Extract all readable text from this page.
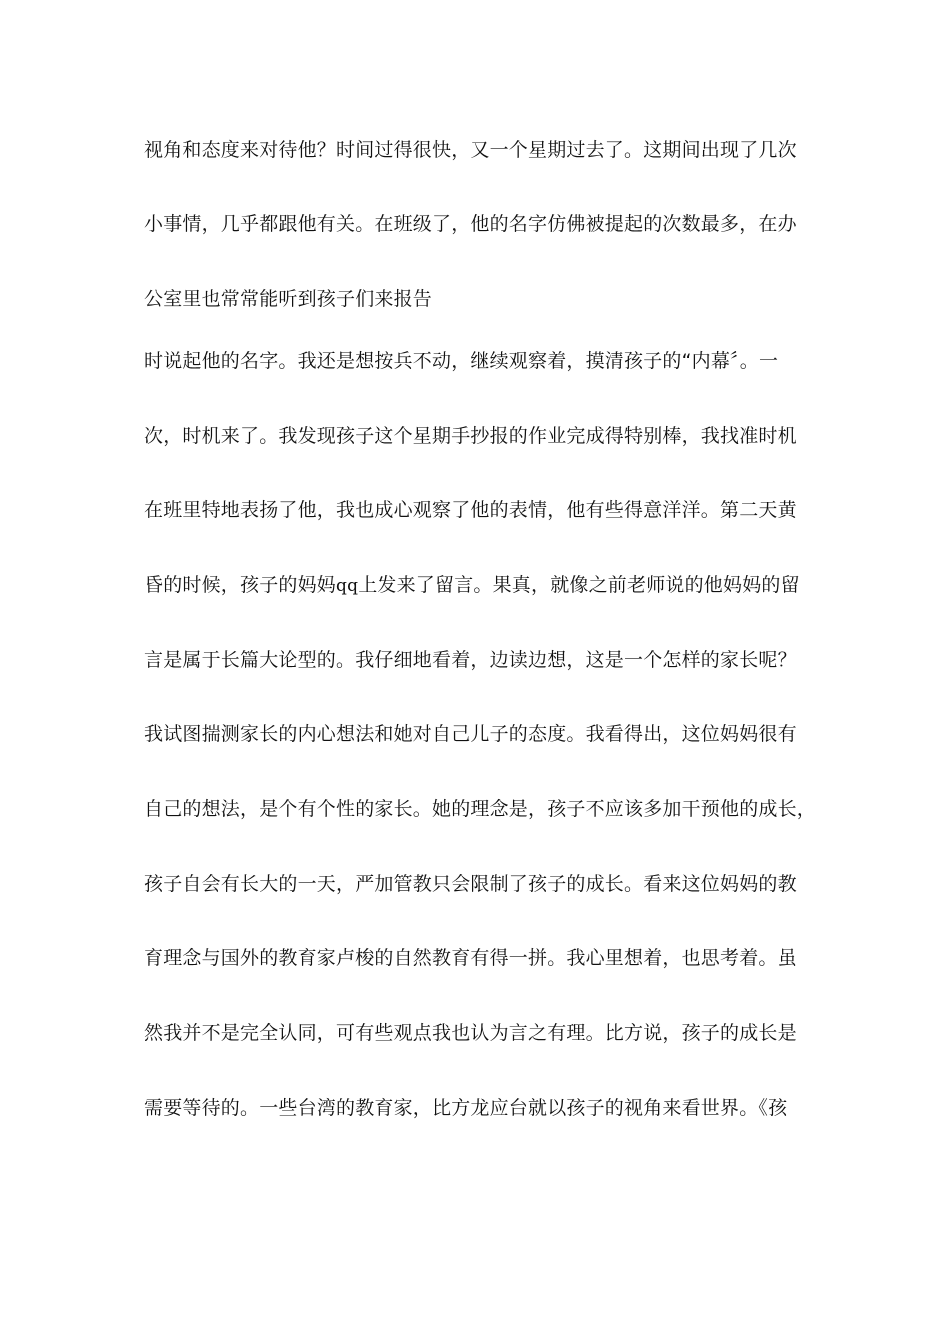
视角和态度来对待他？时间过得很快，又一个星期过去了。这期间出现了几次
小事情，几乎都跟他有关。在班级了，他的名字仿佛被提起的次数最多，在办
公室里也常常能听到孩子们来报告
时说起他的名字。我还是想按兵不动，继续观察着，摸清孩子的“内幕〞。一
次，时机来了。我发现孩子这个星期手抄报的作业完成得特别棒，我找准时机
在班里特地表扬了他，我也成心观察了他的表情，他有些得意洋洋。第二天黄
昏的时候，孩子的妈妈qq上发来了留言。果真，就像之前老师说的他妈妈的留
言是属于长篇大论型的。我仔细地看着，边读边想，这是一个怎样的家长呢？
我试图揣测家长的内心想法和她对自己儿子的态度。我看得出，这位妈妈很有
自己的想法，是个有个性的家长。她的理念是，孩子不应该多加干预他的成长，
孩子自会有长大的一天，严加管教只会限制了孩子的成长。看来这位妈妈的教
育理念与国外的教育家卢梭的自然教育有得一拼。我心里想着，也思考着。虽
然我并不是完全认同，可有些观点我也认为言之有理。比方说，孩子的成长是
需要等待的。一些台湾的教育家，比方龙应台就以孩子的视角来看世界。《孩
